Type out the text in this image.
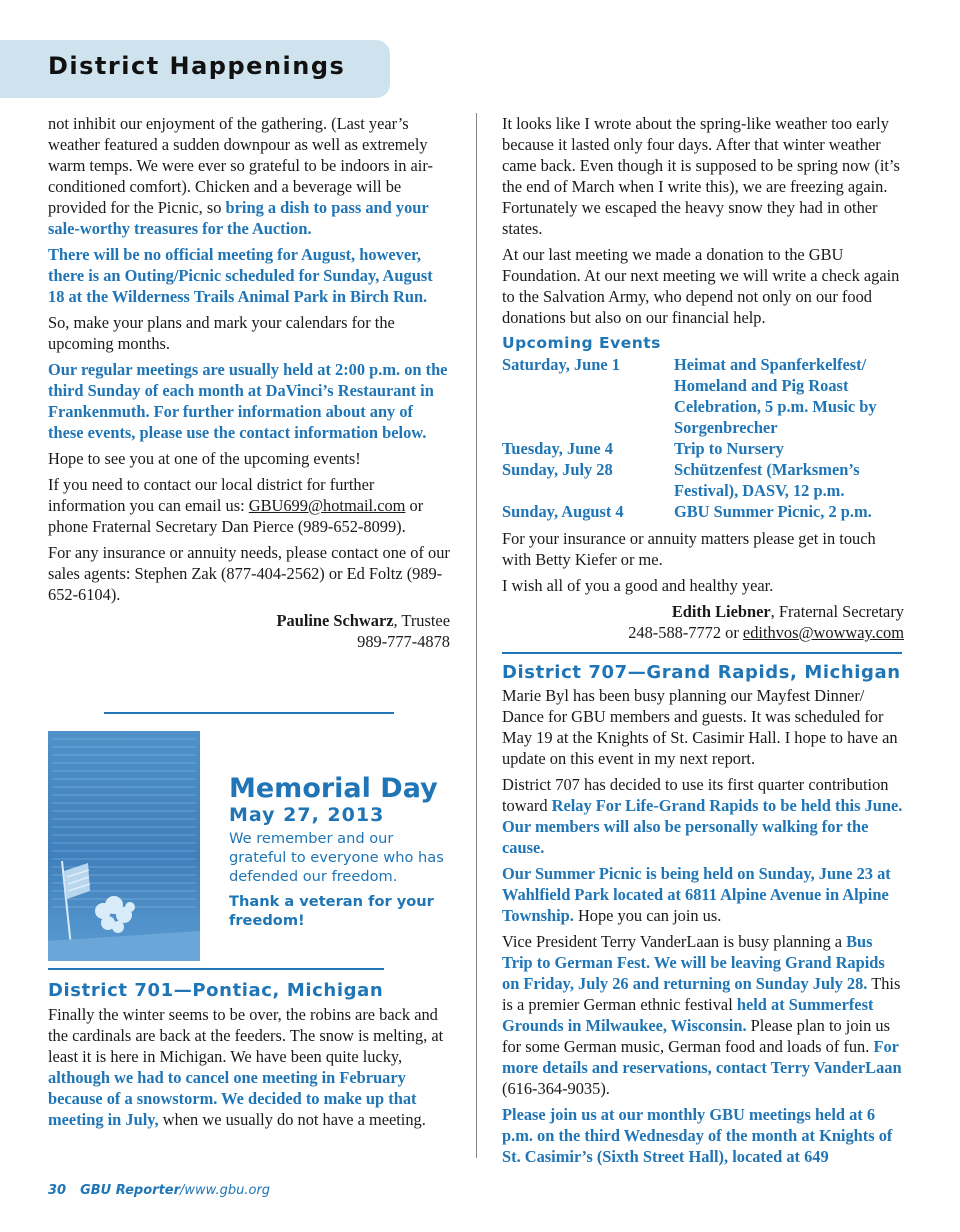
District Happenings

not inhibit our enjoyment of the gathering. (Last year’s weather featured a sudden downpour as well as extremely warm temps. We were ever so grateful to be indoors in air-conditioned comfort). Chicken and a beverage will be provided for the Picnic, so bring a dish to pass and your sale-worthy treasures for the Auction.

There will be no official meeting for August, however, there is an Outing/Picnic scheduled for Sunday, August 18 at the Wilderness Trails Animal Park in Birch Run.

So, make your plans and mark your calendars for the upcoming months.

Our regular meetings are usually held at 2:00 p.m. on the third Sunday of each month at DaVinci’s Restaurant in Frankenmuth. For further information about any of these events, please use the contact information below.

Hope to see you at one of the upcoming events!

If you need to contact our local district for further information you can email us: GBU699@hotmail.com or phone Fraternal Secretary Dan Pierce (989-652-8099).

For any insurance or annuity needs, please contact one of our sales agents: Stephen Zak (877-404-2562) or Ed Foltz (989-652-6104).

Pauline Schwarz, Trustee
989-777-4878
Memorial Day
May 27, 2013
We remember and our grateful to everyone who has defended our freedom.
Thank a veteran for your freedom!
District 701—Pontiac, Michigan

Finally the winter seems to be over, the robins are back and the cardinals are back at the feeders. The snow is melting, at least it is here in Michigan. We have been quite lucky, although we had to cancel one meeting in February because of a snowstorm. We decided to make up that meeting in July, when we usually do not have a meeting.

It looks like I wrote about the spring-like weather too early because it lasted only four days. After that winter weather came back. Even though it is supposed to be spring now (it’s the end of March when I write this), we are freezing again. Fortunately we escaped the heavy snow they had in other states.

At our last meeting we made a donation to the GBU Foundation. At our next meeting we will write a check again to the Salvation Army, who depend not only on our food donations but also on our financial help.

Upcoming Events
Saturday, June 1	Heimat and Spanferkelfest/ Homeland and Pig Roast Celebration, 5 p.m. Music by Sorgenbrecher
Tuesday, June 4	Trip to Nursery
Sunday, July 28	Schützenfest (Marksmen’s Festival), DASV, 12 p.m.
Sunday, August 4	GBU Summer Picnic, 2 p.m.

For your insurance or annuity matters please get in touch with Betty Kiefer or me.

I wish all of you a good and healthy year.

Edith Liebner, Fraternal Secretary
248-588-7772 or edithvos@wowway.com
District 707—Grand Rapids, Michigan

Marie Byl has been busy planning our Mayfest Dinner/ Dance for GBU members and guests. It was scheduled for May 19 at the Knights of St. Casimir Hall. I hope to have an update on this event in my next report.

District 707 has decided to use its first quarter contribution toward Relay For Life-Grand Rapids to be held this June. Our members will also be personally walking for the cause.

Our Summer Picnic is being held on Sunday, June 23 at Wahlfield Park located at 6811 Alpine Avenue in Alpine Township. Hope you can join us.

Vice President Terry VanderLaan is busy planning a Bus Trip to German Fest. We will be leaving Grand Rapids on Friday, July 26 and returning on Sunday July 28. This is a premier German ethnic festival held at Summerfest Grounds in Milwaukee, Wisconsin. Please plan to join us for some German music, German food and loads of fun. For more details and reservations, contact Terry VanderLaan (616-364-9035).

Please join us at our monthly GBU meetings held at 6 p.m. on the third Wednesday of the month at Knights of St. Casimir’s (Sixth Street Hall), located at 649

30 GBU Reporter/www.gbu.org
